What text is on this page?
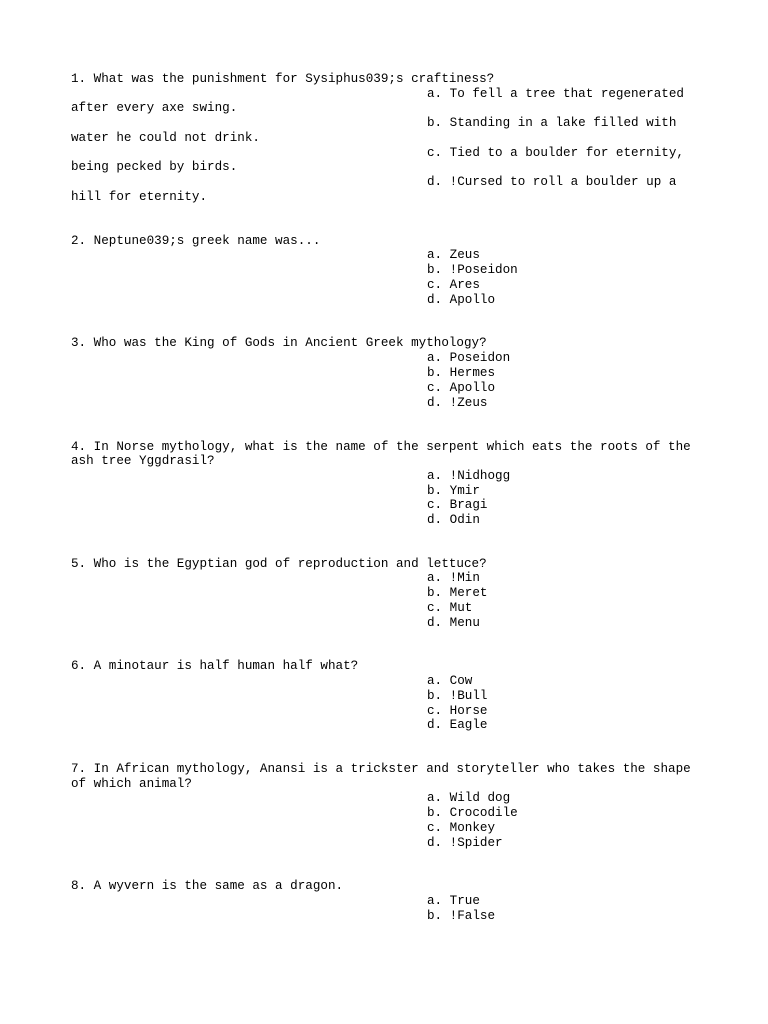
1. What was the punishment for Sysiphus039;s craftiness?
a. To fell a tree that regenerated
after every axe swing.
b. Standing in a lake filled with
water he could not drink.
c. Tied to a boulder for eternity,
being pecked by birds.
d. !Cursed to roll a boulder up a
hill for eternity.
2. Neptune039;s greek name was...
a. Zeus
b. !Poseidon
c. Ares
d. Apollo
3. Who was the King of Gods in Ancient Greek mythology?
a. Poseidon
b. Hermes
c. Apollo
d. !Zeus
4. In Norse mythology, what is the name of the serpent which eats the roots of the
ash tree Yggdrasil?
a. !Nidhogg
b. Ymir
c. Bragi
d. Odin
5. Who is the Egyptian god of reproduction and lettuce?
a. !Min
b. Meret
c. Mut
d. Menu
6. A minotaur is half human half what?
a. Cow
b. !Bull
c. Horse
d. Eagle
7. In African mythology, Anansi is a trickster and storyteller who takes the shape
of which animal?
a. Wild dog
b. Crocodile
c. Monkey
d. !Spider
8. A wyvern is the same as a dragon.
a. True
b. !False
